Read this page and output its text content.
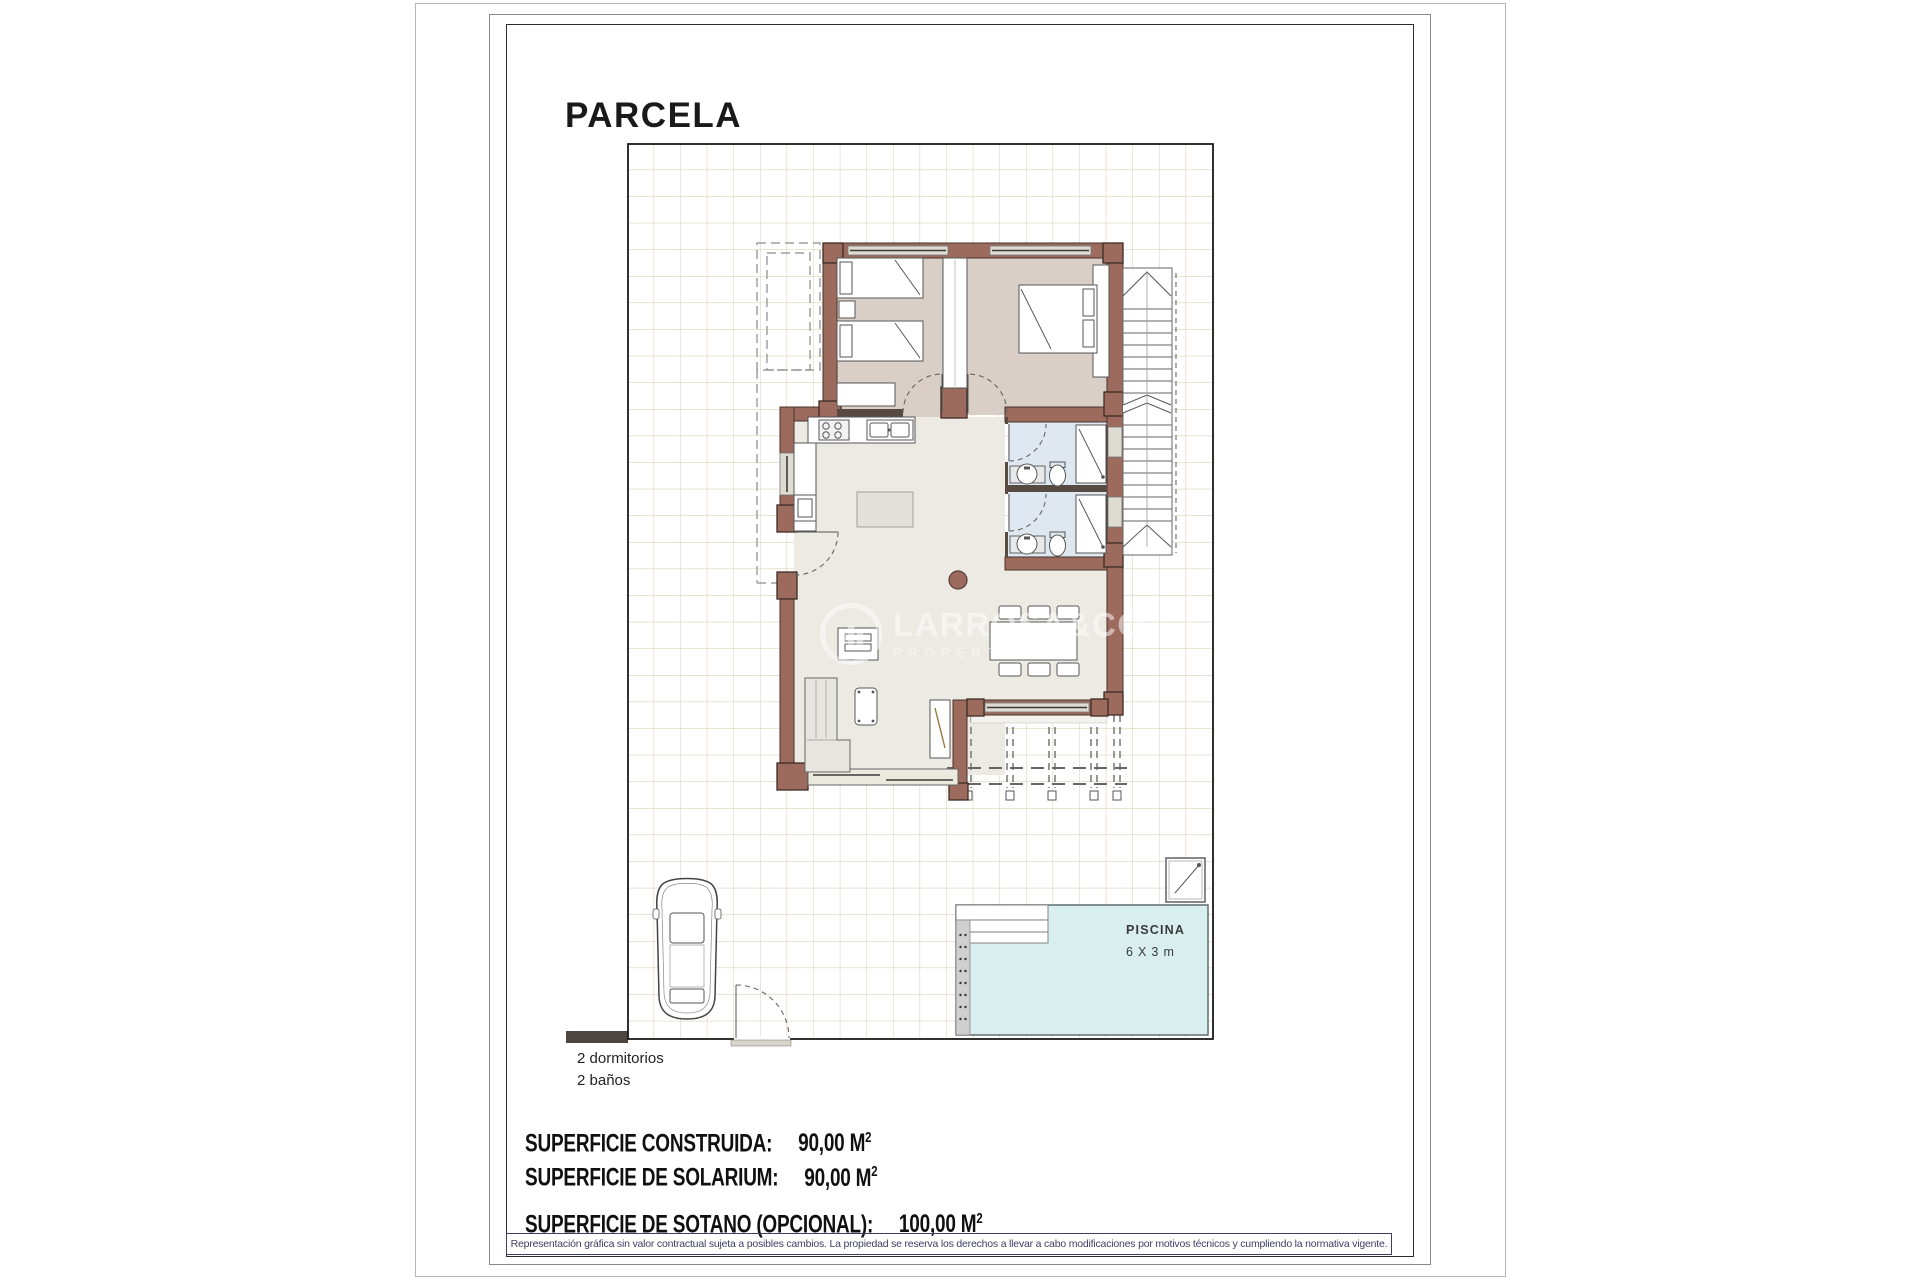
PARCELA
PISCINA
6 X 3 m
LARROSA&CO
PROPERTIES
2 dormitorios
2 baños
SUPERFICIE CONSTRUIDA: 90,00 $M^2$
SUPERFICIE DE SOLARIUM: 90,00 $M^2$
SUPERFICIE DE SOTANO (OPCIONAL): 100,00 $M^2$
Representación gráfica sin valor contractual sujeta a posibles cambios. La propiedad se reserva los derechos a llevar a cabo modificaciones por motivos técnicos y cumpliendo la normativa vigente.
